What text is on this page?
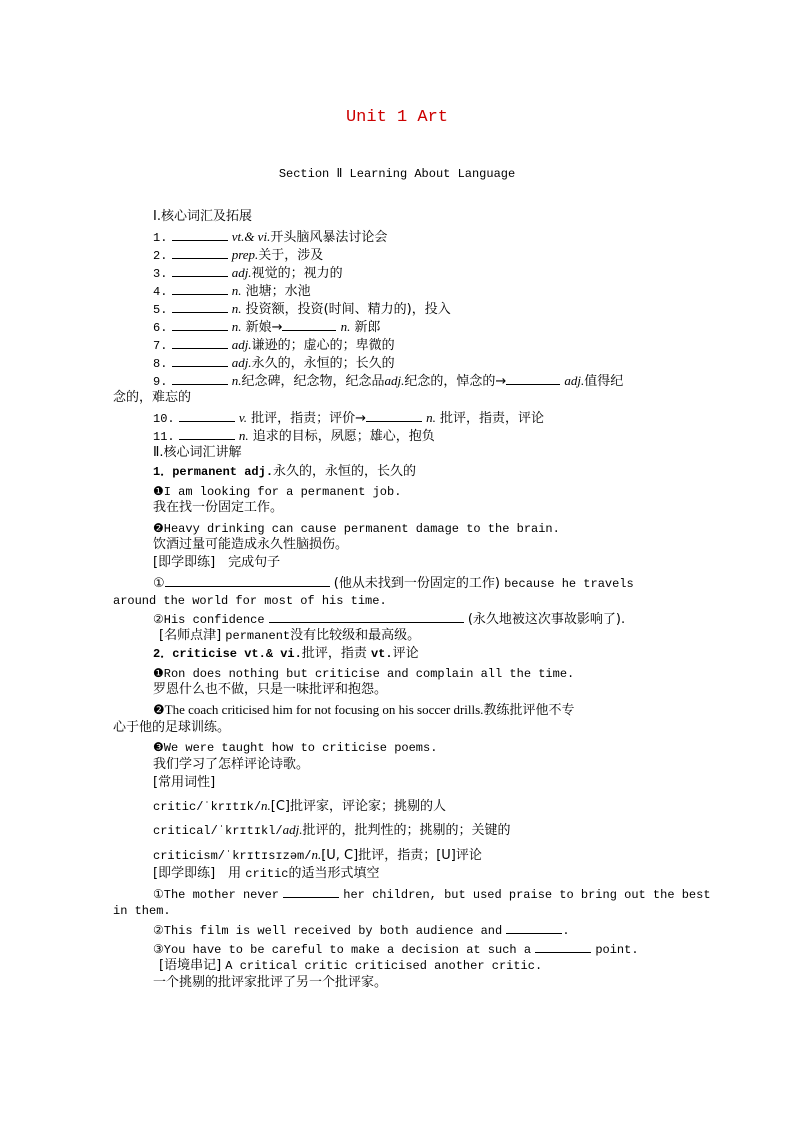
Unit 1 Art
Section Ⅱ Learning About Language
Ⅰ.核心词汇及拓展
1.	vt.& vi.开头脑风暴法讨论会
2.	prep.关于，涉及
3.	adj.视觉的；视力的
4.	n. 池塘；水池
5.	n. 投资额，投资(时间、精力的)，投入
6.	n. 新娘→	n. 新郎
7.	adj.谦逊的；虚心的；卑微的
8.	adj.永久的，永恒的；长久的
9.	n.纪念碑，纪念物，纪念品adj.纪念的，悼念的→	adj.值得纪
念的，难忘的
10.	v. 批评，指责；评价→	n. 批评，指责，评论
11.	n. 追求的目标，夙愿；雄心，抱负
Ⅱ.核心词汇讲解
1．permanent adj.永久的，永恒的，长久的
❶I am looking for a permanent job.
我在找一份固定工作。
❷Heavy drinking can cause permanent damage to the brain.
饮酒过量可能造成永久性脑损伤。
[即学即练]　完成句子
①	(他从未找到一份固定的工作) because he travels
around the world for most of his time.
②His confidence	(永久地被这次事故影响了).
[名师点津] permanent没有比较级和最高级。
2．criticise vt.& vi.批评，指责 vt.评论
❶Ron does nothing but criticise and complain all the time.
罗恩什么也不做，只是一味批评和抱怨。
❷The coach criticised him for not focusing on his soccer drills.教练批评他不专
心于他的足球训练。
❸We were taught how to criticise poems.
我们学习了怎样评论诗歌。
[常用词性]
critic/ˈkrɪtɪk/n.[C]批评家，评论家；挑剔的人
critical/ˈkrɪtɪkl/adj.批评的，批判性的；挑剔的；关键的
criticism/ˈkrɪtɪsɪzəm/n.[U, C]批评，指责；[U]评论
[即学即练]　用 critic的适当形式填空
①The mother never	her children, but used praise to bring out the best
in them.
②This film is well received by both audience and	.
③You have to be careful to make a decision at such a	point.
[语境串记] A critical critic criticised another critic.
一个挑剔的批评家批评了另一个批评家。
